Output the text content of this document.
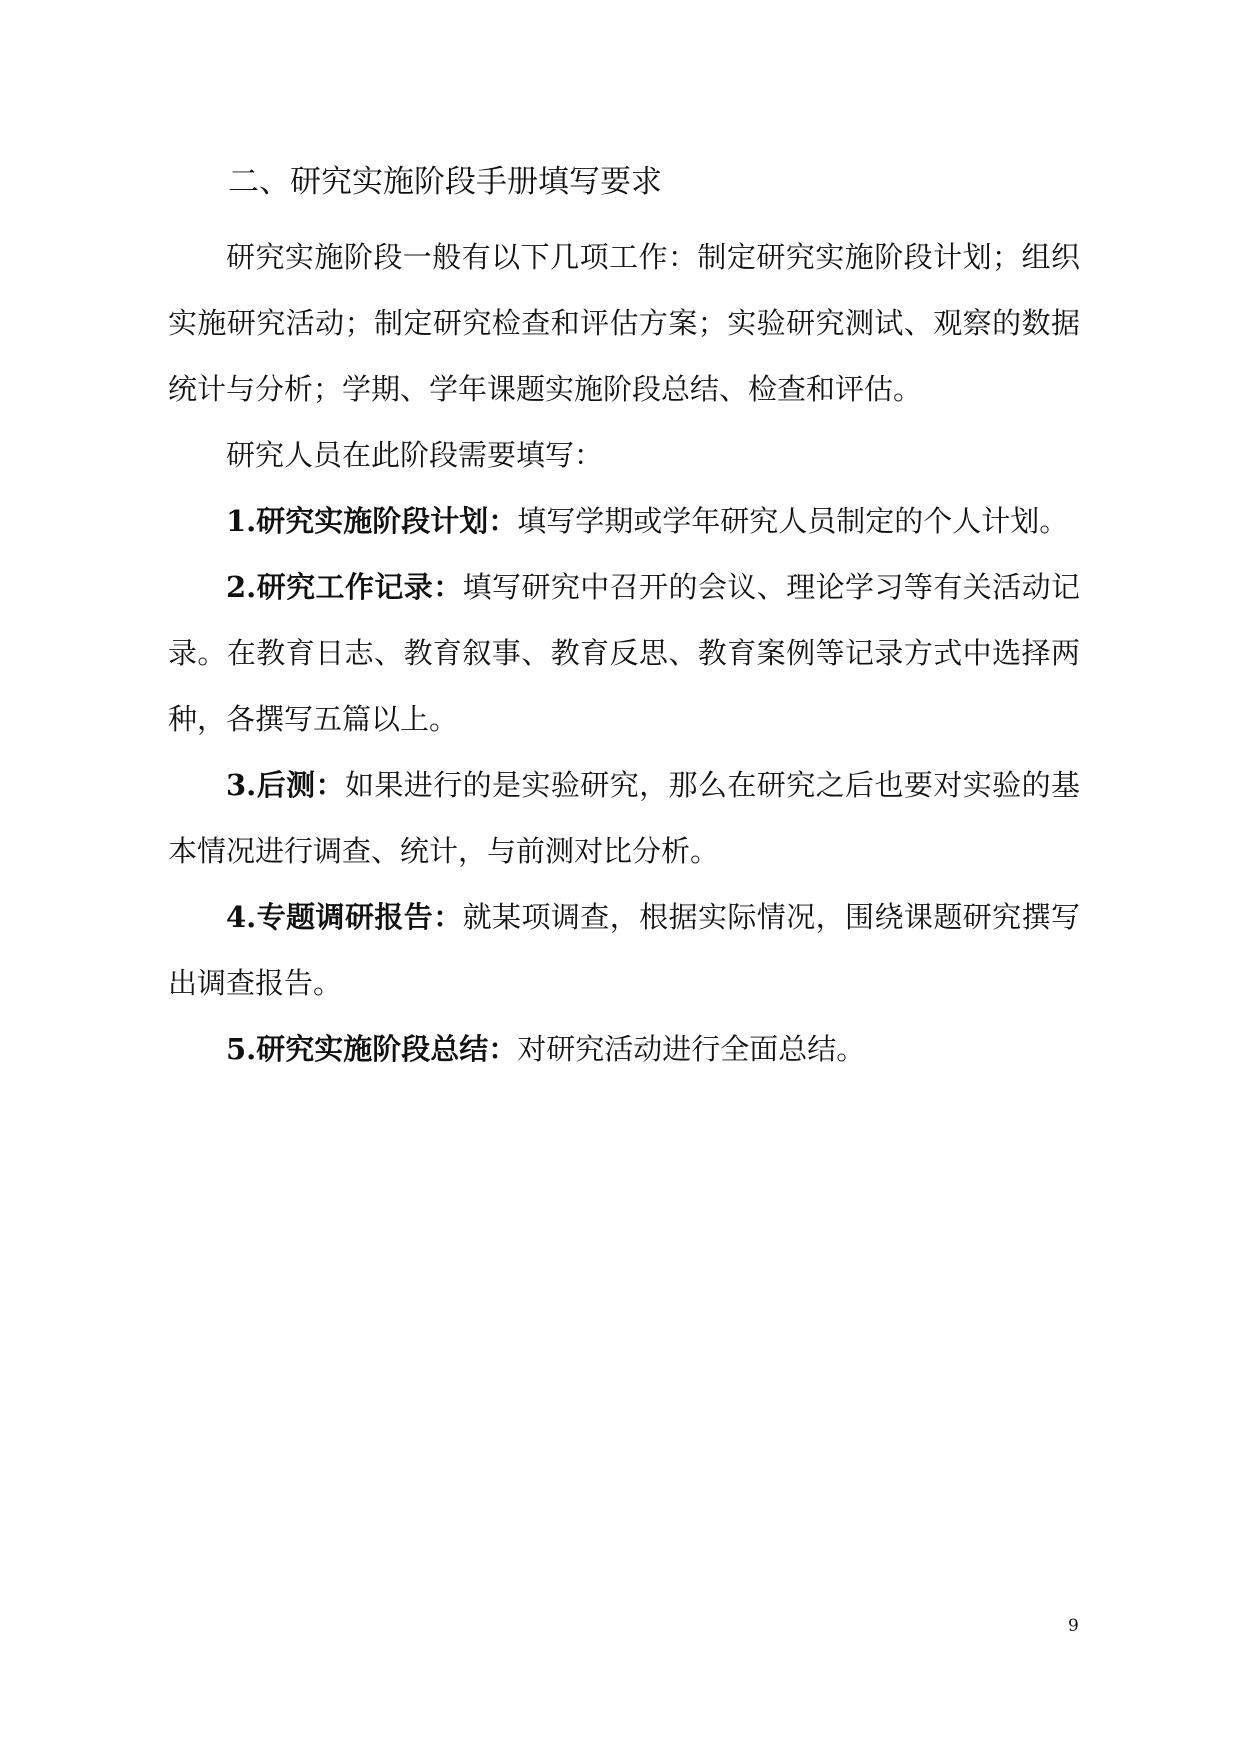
二、研究实施阶段手册填写要求

研究实施阶段一般有以下几项工作：制定研究实施阶段计划；组织实施研究活动；制定研究检查和评估方案；实验研究测试、观察的数据统计与分析；学期、学年课题实施阶段总结、检查和评估。

研究人员在此阶段需要填写：

1.研究实施阶段计划：填写学期或学年研究人员制定的个人计划。

2.研究工作记录：填写研究中召开的会议、理论学习等有关活动记录。在教育日志、教育叙事、教育反思、教育案例等记录方式中选择两种，各撰写五篇以上。

3.后测：如果进行的是实验研究，那么在研究之后也要对实验的基本情况进行调查、统计，与前测对比分析。

4.专题调研报告：就某项调查，根据实际情况，围绕课题研究撰写出调查报告。

5.研究实施阶段总结：对研究活动进行全面总结。

9
